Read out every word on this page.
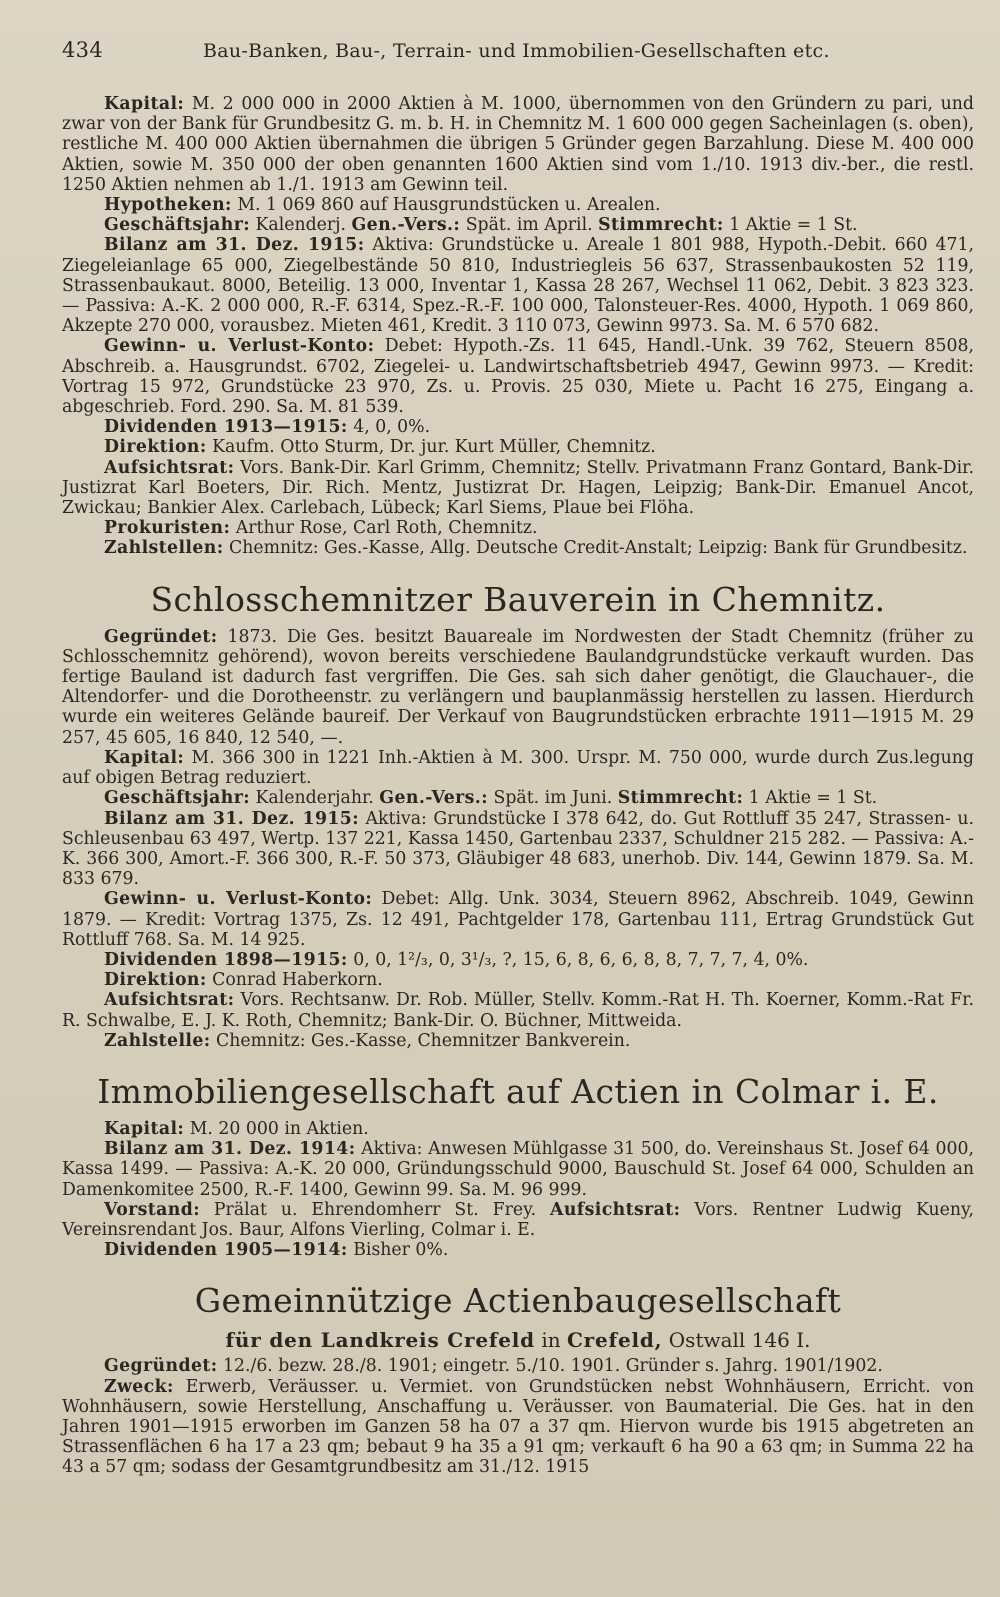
434	Bau-Banken, Bau-, Terrain- und Immobilien-Gesellschaften etc.

Kapital: M. 2 000 000 in 2000 Aktien à M. 1000, übernommen von den Gründern zu pari, und zwar von der Bank für Grundbesitz G. m. b. H. in Chemnitz M. 1 600 000 gegen Sacheinlagen (s. oben), restliche M. 400 000 Aktien übernahmen die übrigen 5 Gründer gegen Barzahlung. Diese M. 400 000 Aktien, sowie M. 350 000 der oben genannten 1600 Aktien sind vom 1./10. 1913 div.-ber., die restl. 1250 Aktien nehmen ab 1./1. 1913 am Gewinn teil.

Hypotheken: M. 1 069 860 auf Hausgrundstücken u. Arealen.

Geschäftsjahr: Kalenderj. Gen.-Vers.: Spät. im April. Stimmrecht: 1 Aktie = 1 St.

Bilanz am 31. Dez. 1915: Aktiva: Grundstücke u. Areale 1 801 988, Hypoth.-Debit. 660 471, Ziegeleianlage 65 000, Ziegelbestände 50 810, Industriegleis 56 637, Strassenbaukosten 52 119, Strassenbaukaut. 8000, Beteilig. 13 000, Inventar 1, Kassa 28 267, Wechsel 11 062, Debit. 3 823 323. — Passiva: A.-K. 2 000 000, R.-F. 6314, Spez.-R.-F. 100 000, Talonsteuer-Res. 4000, Hypoth. 1 069 860, Akzepte 270 000, vorausbez. Mieten 461, Kredit. 3 110 073, Gewinn 9973. Sa. M. 6 570 682.

Gewinn- u. Verlust-Konto: Debet: Hypoth.-Zs. 11 645, Handl.-Unk. 39 762, Steuern 8508, Abschreib. a. Hausgrundst. 6702, Ziegelei- u. Landwirtschaftsbetrieb 4947, Gewinn 9973. — Kredit: Vortrag 15 972, Grundstücke 23 970, Zs. u. Provis. 25 030, Miete u. Pacht 16 275, Eingang a. abgeschrieb. Ford. 290. Sa. M. 81 539.

Dividenden 1913—1915: 4, 0, 0%.

Direktion: Kaufm. Otto Sturm, Dr. jur. Kurt Müller, Chemnitz.

Aufsichtsrat: Vors. Bank-Dir. Karl Grimm, Chemnitz; Stellv. Privatmann Franz Gontard, Bank-Dir. Justizrat Karl Boeters, Dir. Rich. Mentz, Justizrat Dr. Hagen, Leipzig; Bank-Dir. Emanuel Ancot, Zwickau; Bankier Alex. Carlebach, Lübeck; Karl Siems, Plaue bei Flöha.

Prokuristen: Arthur Rose, Carl Roth, Chemnitz.

Zahlstellen: Chemnitz: Ges.-Kasse, Allg. Deutsche Credit-Anstalt; Leipzig: Bank für Grundbesitz.

Schlosschemnitzer Bauverein in Chemnitz.

Gegründet: 1873. Die Ges. besitzt Bauareale im Nordwesten der Stadt Chemnitz (früher zu Schlosschemnitz gehörend), wovon bereits verschiedene Baulandgrundstücke verkauft wurden. Das fertige Bauland ist dadurch fast vergriffen. Die Ges. sah sich daher genötigt, die Glauchauer-, die Altendorfer- und die Dorotheenstr. zu verlängern und bauplanmässig herstellen zu lassen. Hierdurch wurde ein weiteres Gelände baureif. Der Verkauf von Baugrundstücken erbrachte 1911—1915 M. 29 257, 45 605, 16 840, 12 540, —.

Kapital: M. 366 300 in 1221 Inh.-Aktien à M. 300. Urspr. M. 750 000, wurde durch Zus.legung auf obigen Betrag reduziert.

Geschäftsjahr: Kalenderjahr. Gen.-Vers.: Spät. im Juni. Stimmrecht: 1 Aktie = 1 St.

Bilanz am 31. Dez. 1915: Aktiva: Grundstücke I 378 642, do. Gut Rottluff 35 247, Strassen- u. Schleusenbau 63 497, Wertp. 137 221, Kassa 1450, Gartenbau 2337, Schuldner 215 282. — Passiva: A.-K. 366 300, Amort.-F. 366 300, R.-F. 50 373, Gläubiger 48 683, unerhob. Div. 144, Gewinn 1879. Sa. M. 833 679.

Gewinn- u. Verlust-Konto: Debet: Allg. Unk. 3034, Steuern 8962, Abschreib. 1049, Gewinn 1879. — Kredit: Vortrag 1375, Zs. 12 491, Pachtgelder 178, Gartenbau 111, Ertrag Grundstück Gut Rottluff 768. Sa. M. 14 925.

Dividenden 1898—1915: 0, 0, 1²/₃, 0, 3¹/₃, ?, 15, 6, 8, 6, 6, 8, 8, 7, 7, 7, 4, 0%.

Direktion: Conrad Haberkorn.

Aufsichtsrat: Vors. Rechtsanw. Dr. Rob. Müller, Stellv. Komm.-Rat H. Th. Koerner, Komm.-Rat Fr. R. Schwalbe, E. J. K. Roth, Chemnitz; Bank-Dir. O. Büchner, Mittweida.

Zahlstelle: Chemnitz: Ges.-Kasse, Chemnitzer Bankverein.

Immobiliengesellschaft auf Actien in Colmar i. E.

Kapital: M. 20 000 in Aktien.

Bilanz am 31. Dez. 1914: Aktiva: Anwesen Mühlgasse 31 500, do. Vereinshaus St. Josef 64 000, Kassa 1499. — Passiva: A.-K. 20 000, Gründungsschuld 9000, Bauschuld St. Josef 64 000, Schulden an Damenkomitee 2500, R.-F. 1400, Gewinn 99. Sa. M. 96 999.

Vorstand: Prälat u. Ehrendomherr St. Frey. Aufsichtsrat: Vors. Rentner Ludwig Kueny, Vereinsrendant Jos. Baur, Alfons Vierling, Colmar i. E.

Dividenden 1905—1914: Bisher 0%.

Gemeinnützige Actienbaugesellschaft
für den Landkreis Crefeld in Crefeld, Ostwall 146 I.

Gegründet: 12./6. bezw. 28./8. 1901; eingetr. 5./10. 1901. Gründer s. Jahrg. 1901/1902.

Zweck: Erwerb, Veräusser. u. Vermiet. von Grundstücken nebst Wohnhäusern, Erricht. von Wohnhäusern, sowie Herstellung, Anschaffung u. Veräusser. von Baumaterial. Die Ges. hat in den Jahren 1901—1915 erworben im Ganzen 58 ha 07 a 37 qm. Hiervon wurde bis 1915 abgetreten an Strassenflächen 6 ha 17 a 23 qm; bebaut 9 ha 35 a 91 qm; verkauft 6 ha 90 a 63 qm; in Summa 22 ha 43 a 57 qm; sodass der Gesamtgrundbesitz am 31./12. 1915
